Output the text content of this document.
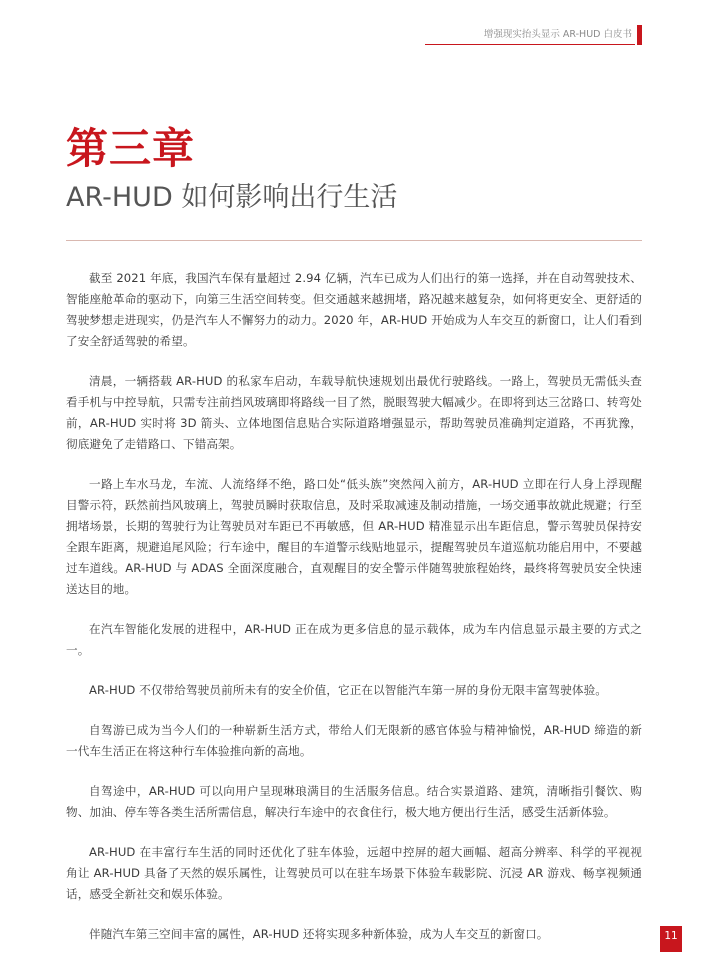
增强现实抬头显示 AR-HUD 白皮书
第三章
AR-HUD 如何影响出行生活

截至 2021 年底，我国汽车保有量超过 2.94 亿辆，汽车已成为人们出行的第一选择，并在自动驾驶技术、智能座舱革命的驱动下，向第三生活空间转变。但交通越来越拥堵，路况越来越复杂，如何将更安全、更舒适的驾驶梦想走进现实，仍是汽车人不懈努力的动力。2020 年，AR-HUD 开始成为人车交互的新窗口，让人们看到了安全舒适驾驶的希望。

清晨，一辆搭载 AR-HUD 的私家车启动，车载导航快速规划出最优行驶路线。一路上，驾驶员无需低头查看手机与中控导航，只需专注前挡风玻璃即将路线一目了然，脱眼驾驶大幅减少。在即将到达三岔路口、转弯处前，AR-HUD 实时将 3D 箭头、立体地图信息贴合实际道路增强显示，帮助驾驶员准确判定道路，不再犹豫，彻底避免了走错路口、下错高架。

一路上车水马龙，车流、人流络绎不绝，路口处“低头族”突然闯入前方，AR-HUD 立即在行人身上浮现醒目警示符，跃然前挡风玻璃上，驾驶员瞬时获取信息，及时采取减速及制动措施，一场交通事故就此规避；行至拥堵场景，长期的驾驶行为让驾驶员对车距已不再敏感，但 AR-HUD 精准显示出车距信息，警示驾驶员保持安全跟车距离，规避追尾风险；行车途中，醒目的车道警示线贴地显示，提醒驾驶员车道巡航功能启用中，不要越过车道线。AR-HUD 与 ADAS 全面深度融合，直观醒目的安全警示伴随驾驶旅程始终，最终将驾驶员安全快速送达目的地。

在汽车智能化发展的进程中，AR-HUD 正在成为更多信息的显示载体，成为车内信息显示最主要的方式之一。

AR-HUD 不仅带给驾驶员前所未有的安全价值，它正在以智能汽车第一屏的身份无限丰富驾驶体验。

自驾游已成为当今人们的一种崭新生活方式，带给人们无限新的感官体验与精神愉悦，AR-HUD 缔造的新一代车生活正在将这种行车体验推向新的高地。

自驾途中，AR-HUD 可以向用户呈现琳琅满目的生活服务信息。结合实景道路、建筑，清晰指引餐饮、购物、加油、停车等各类生活所需信息，解决行车途中的衣食住行，极大地方便出行生活，感受生活新体验。

AR-HUD 在丰富行车生活的同时还优化了驻车体验，远超中控屏的超大画幅、超高分辨率、科学的平视视角让 AR-HUD 具备了天然的娱乐属性，让驾驶员可以在驻车场景下体验车载影院、沉浸 AR 游戏、畅享视频通话，感受全新社交和娱乐体验。

伴随汽车第三空间丰富的属性，AR-HUD 还将实现多种新体验，成为人车交互的新窗口。	11
